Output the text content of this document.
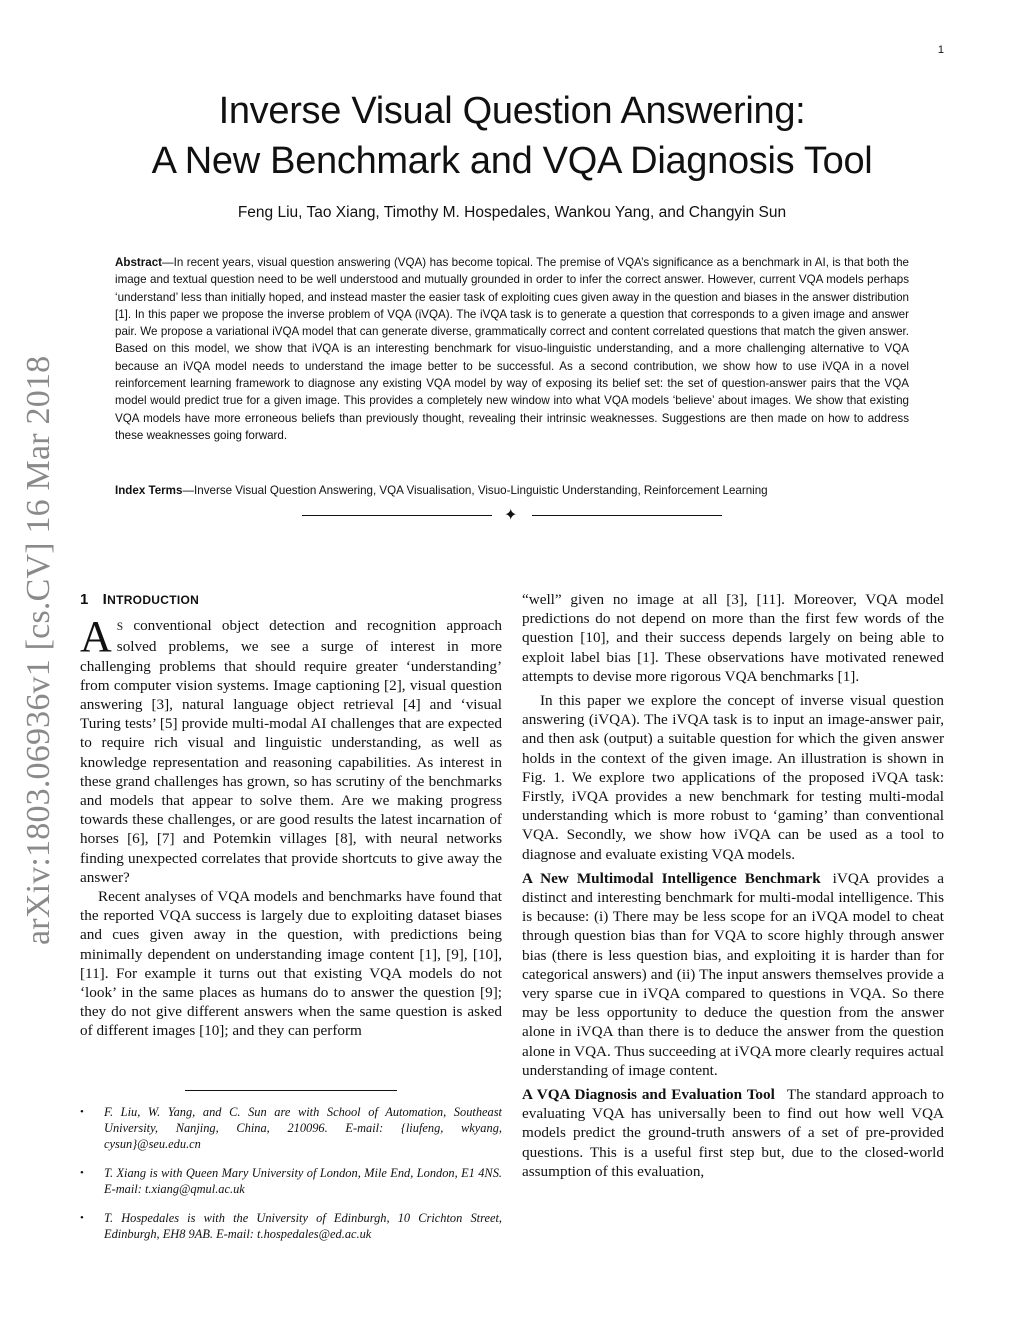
1
arXiv:1803.06936v1 [cs.CV] 16 Mar 2018
Inverse Visual Question Answering:
A New Benchmark and VQA Diagnosis Tool
Feng Liu, Tao Xiang, Timothy M. Hospedales, Wankou Yang, and Changyin Sun

Abstract—In recent years, visual question answering (VQA) has become topical. The premise of VQA’s significance as a benchmark in AI, is that both the image and textual question need to be well understood and mutually grounded in order to infer the correct answer. However, current VQA models perhaps ‘understand’ less than initially hoped, and instead master the easier task of exploiting cues given away in the question and biases in the answer distribution [1]. In this paper we propose the inverse problem of VQA (iVQA). The iVQA task is to generate a question that corresponds to a given image and answer pair. We propose a variational iVQA model that can generate diverse, grammatically correct and content correlated questions that match the given answer. Based on this model, we show that iVQA is an interesting benchmark for visuo-linguistic understanding, and a more challenging alternative to VQA because an iVQA model needs to understand the image better to be successful. As a second contribution, we show how to use iVQA in a novel reinforcement learning framework to diagnose any existing VQA model by way of exposing its belief set: the set of question-answer pairs that the VQA model would predict true for a given image. This provides a completely new window into what VQA models ‘believe’ about images. We show that existing VQA models have more erroneous beliefs than previously thought, revealing their intrinsic weaknesses. Suggestions are then made on how to address these weaknesses going forward.

Index Terms—Inverse Visual Question Answering, VQA Visualisation, Visuo-Linguistic Understanding, Reinforcement Learning

✦
1 INTRODUCTION

AS conventional object detection and recognition approach solved problems, we see a surge of interest in more challenging problems that should require greater ‘understanding’ from computer vision systems. Image captioning [2], visual question answering [3], natural language object retrieval [4] and ‘visual Turing tests’ [5] provide multi-modal AI challenges that are expected to require rich visual and linguistic understanding, as well as knowledge representation and reasoning capabilities. As interest in these grand challenges has grown, so has scrutiny of the benchmarks and models that appear to solve them. Are we making progress towards these challenges, or are good results the latest incarnation of horses [6], [7] and Potemkin villages [8], with neural networks finding unexpected correlates that provide shortcuts to give away the answer?

Recent analyses of VQA models and benchmarks have found that the reported VQA success is largely due to exploiting dataset biases and cues given away in the question, with predictions being minimally dependent on understanding image content [1], [9], [10], [11]. For example it turns out that existing VQA models do not ‘look’ in the same places as humans do to answer the question [9]; they do not give different answers when the same question is asked of different images [10]; and they can perform

“well” given no image at all [3], [11]. Moreover, VQA model predictions do not depend on more than the first few words of the question [10], and their success depends largely on being able to exploit label bias [1]. These observations have motivated renewed attempts to devise more rigorous VQA benchmarks [1].

In this paper we explore the concept of inverse visual question answering (iVQA). The iVQA task is to input an image-answer pair, and then ask (output) a suitable question for which the given answer holds in the context of the given image. An illustration is shown in Fig. 1. We explore two applications of the proposed iVQA task: Firstly, iVQA provides a new benchmark for testing multi-modal understanding which is more robust to ‘gaming’ than conventional VQA. Secondly, we show how iVQA can be used as a tool to diagnose and evaluate existing VQA models.

A New Multimodal Intelligence Benchmark iVQA provides a distinct and interesting benchmark for multi-modal intelligence. This is because: (i) There may be less scope for an iVQA model to cheat through question bias than for VQA to score highly through answer bias (there is less question bias, and exploiting it is harder than for categorical answers) and (ii) The input answers themselves provide a very sparse cue in iVQA compared to questions in VQA. So there may be less opportunity to deduce the question from the answer alone in iVQA than there is to deduce the answer from the question alone in VQA. Thus succeeding at iVQA more clearly requires actual understanding of image content.

A VQA Diagnosis and Evaluation Tool The standard approach to evaluating VQA has universally been to find out how well VQA models predict the ground-truth answers of a set of pre-provided questions. This is a useful first step but, due to the closed-world assumption of this evaluation,

• F. Liu, W. Yang, and C. Sun are with School of Automation, Southeast University, Nanjing, China, 210096. E-mail: {liufeng, wkyang, cysun}@seu.edu.cn
• T. Xiang is with Queen Mary University of London, Mile End, London, E1 4NS. E-mail: t.xiang@qmul.ac.uk
• T. Hospedales is with the University of Edinburgh, 10 Crichton Street, Edinburgh, EH8 9AB. E-mail: t.hospedales@ed.ac.uk
